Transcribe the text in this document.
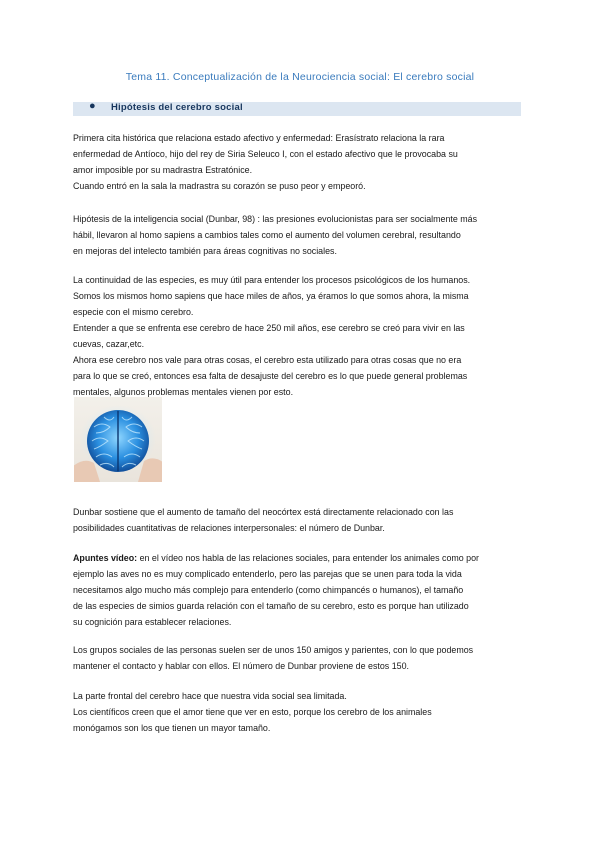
Tema 11. Conceptualización de la Neurociencia social: El cerebro social
● Hipótesis del cerebro social
Primera cita histórica que relaciona estado afectivo y enfermedad: Erasístrato relaciona la rara
enfermedad de Antíoco, hijo del rey de Siria Seleuco I, con el estado afectivo que le provocaba su
amor imposible por su madrastra Estratónice.
Cuando entró en la sala la madrastra su corazón se puso peor y empeoró.
Hipótesis de la inteligencia social (Dunbar, 98) : las presiones evolucionistas para ser socialmente más
hábil, llevaron al homo sapiens a cambios tales como el aumento del volumen cerebral, resultando
en mejoras del intelecto también para áreas cognitivas no sociales.
La continuidad de las especies, es muy útil para entender los procesos psicológicos de los humanos.
Somos los mismos homo sapiens que hace miles de años, ya éramos lo que somos ahora, la misma
especie con el mismo cerebro.
Entender a que se enfrenta ese cerebro de hace 250 mil años, ese cerebro se creó para vivir en las
cuevas, cazar,etc.
Ahora ese cerebro nos vale para otras cosas, el cerebro esta utilizado para otras cosas que no era
para lo que se creó, entonces esa falta de desajuste del cerebro es lo que puede general problemas
mentales, algunos problemas mentales vienen por esto.
Dunbar sostiene que el aumento de tamaño del neocórtex está directamente relacionado con las
posibilidades cuantitativas de relaciones interpersonales: el número de Dunbar.
Apuntes vídeo: en el vídeo nos habla de las relaciones sociales, para entender los animales como por
ejemplo las aves no es muy complicado entenderlo, pero las parejas que se unen para toda la vida
necesitamos algo mucho más complejo para entenderlo (como chimpancés o humanos), el tamaño
de las especies de simios guarda relación con el tamaño de su cerebro, esto es porque han utilizado
su cognición para establecer relaciones.
Los grupos sociales de las personas suelen ser de unos 150 amigos y parientes, con lo que podemos
mantener el contacto y hablar con ellos. El número de Dunbar proviene de estos 150.
La parte frontal del cerebro hace que nuestra vida social sea limitada.
Los científicos creen que el amor tiene que ver en esto, porque los cerebro de los animales
monógamos son los que tienen un mayor tamaño.
